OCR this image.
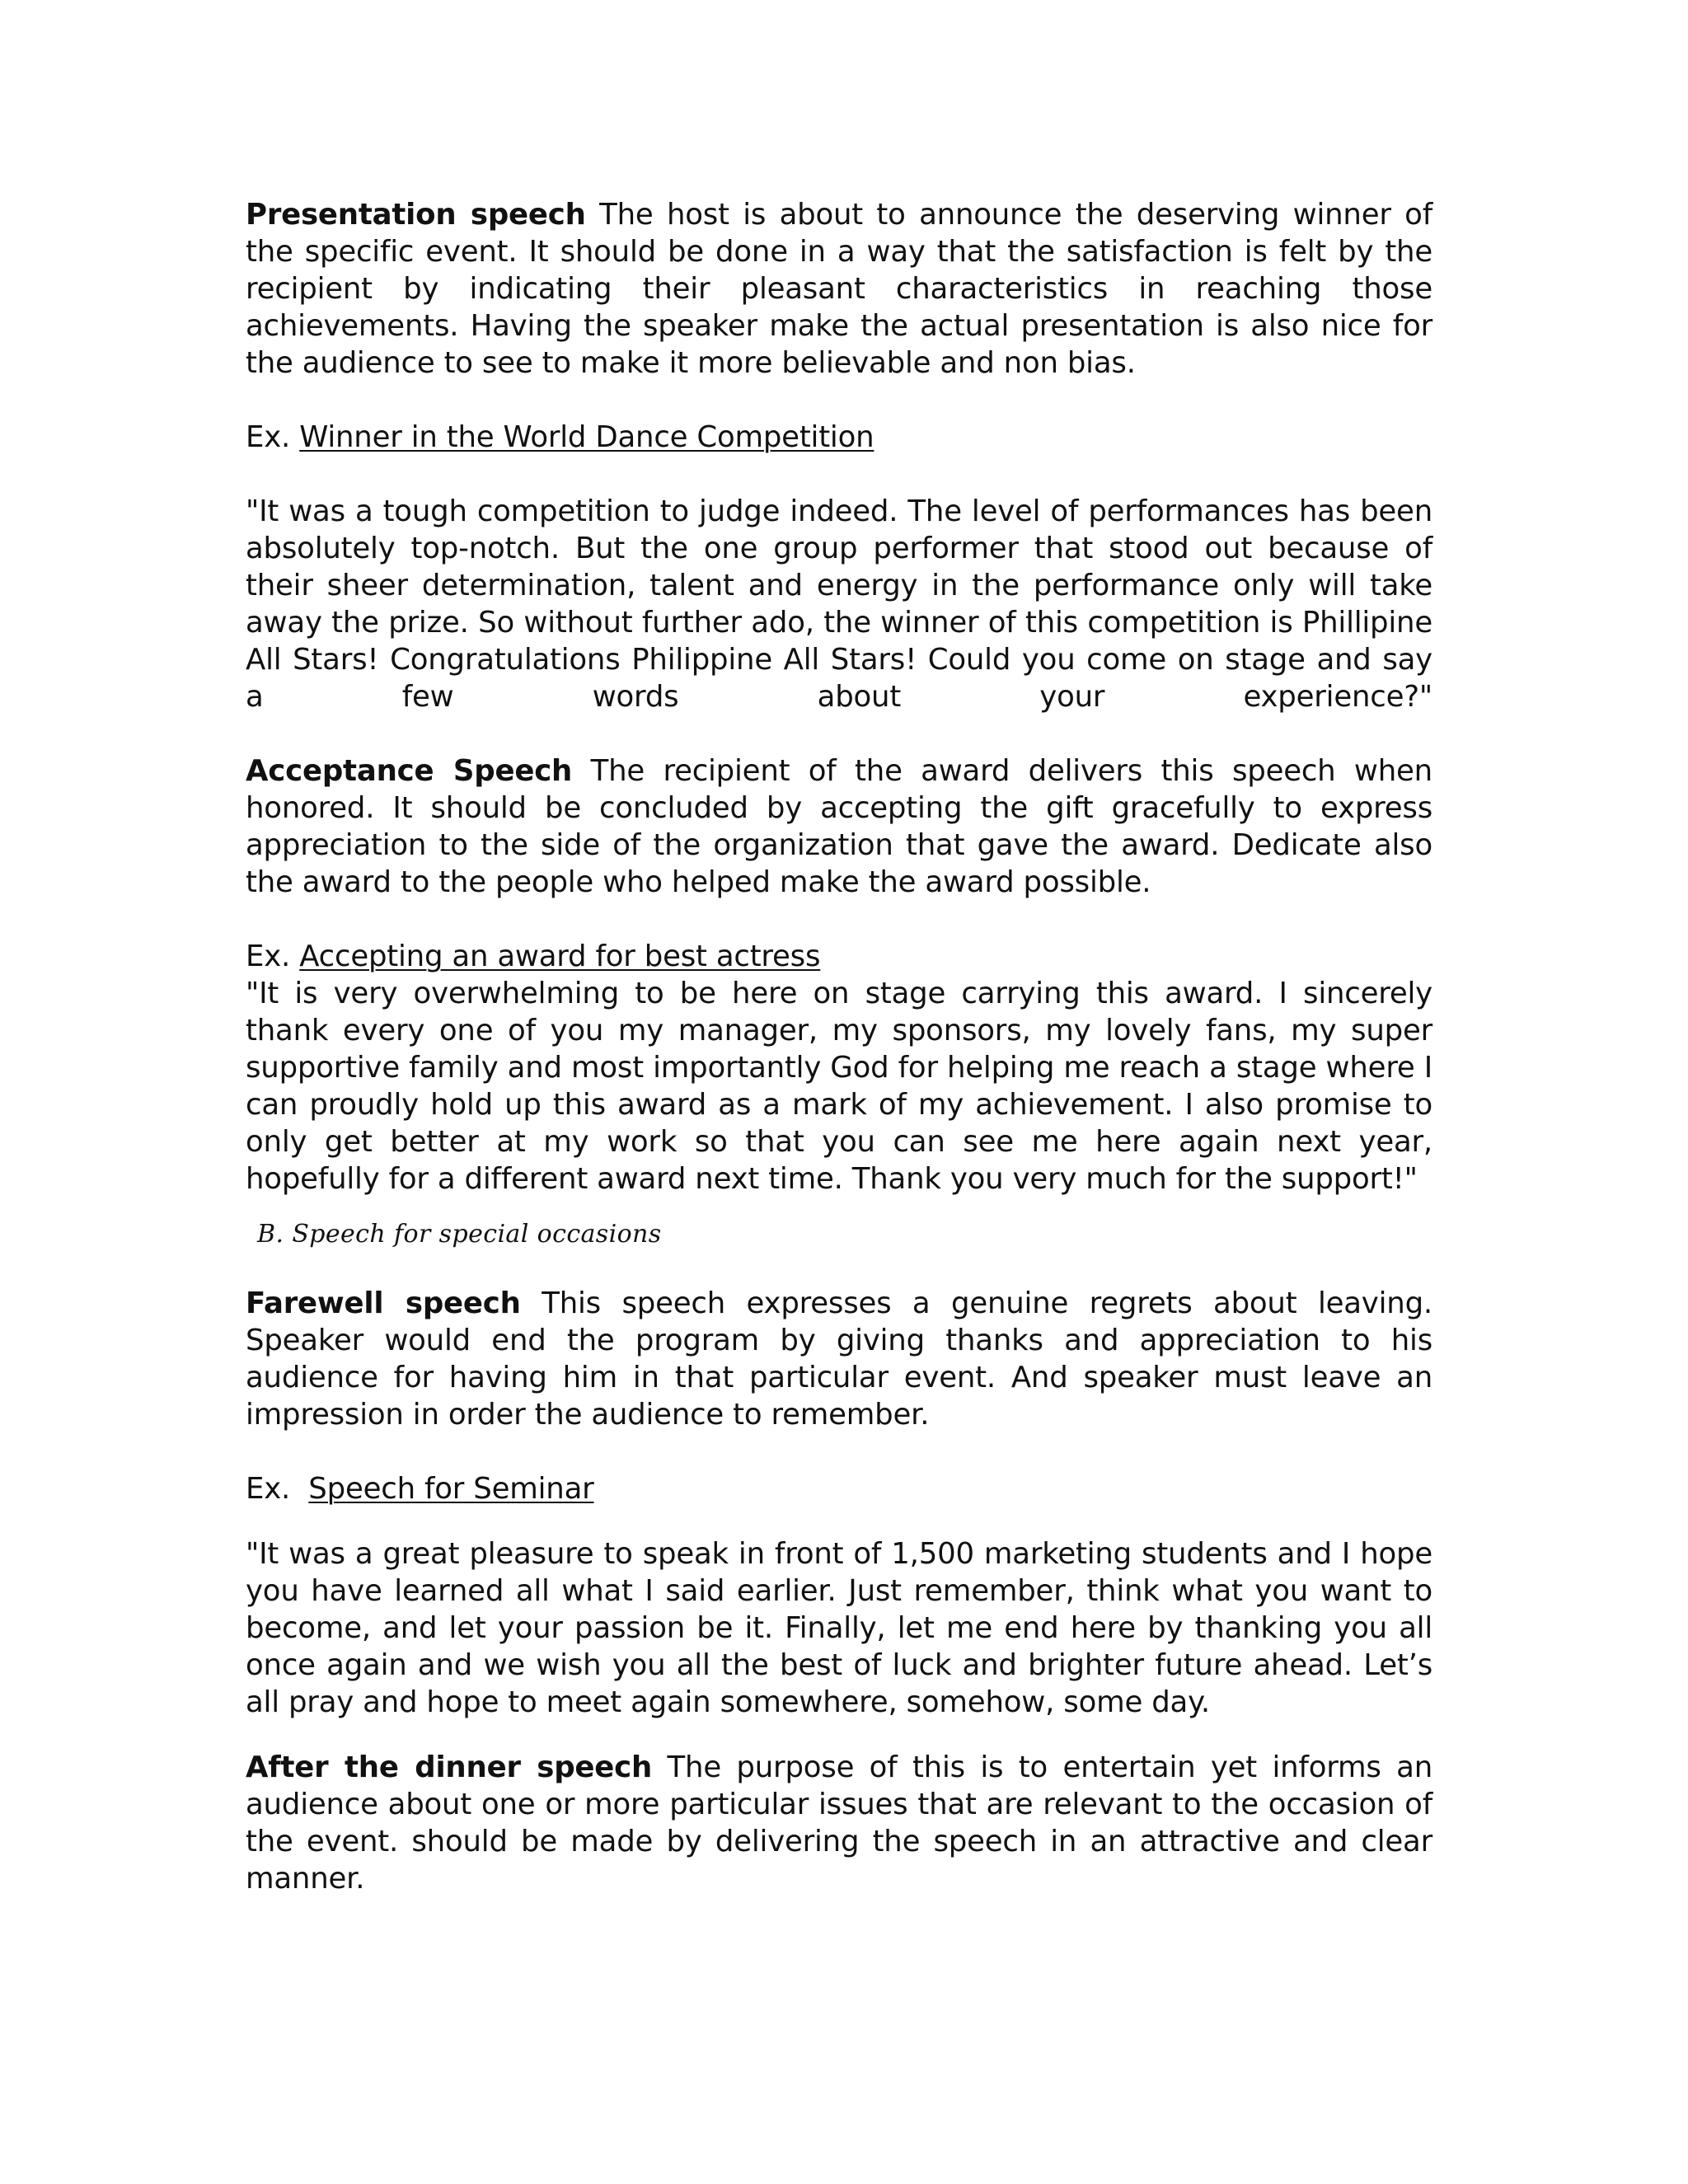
Presentation speech The host is about to announce the deserving winner of the specific event. It should be done in a way that the satisfaction is felt by the recipient by indicating their pleasant characteristics in reaching those achievements. Having the speaker make the actual presentation is also nice for the audience to see to make it more believable and non bias.

Ex. Winner in the World Dance Competition

"It was a tough competition to judge indeed. The level of performances has been absolutely top-notch. But the one group performer that stood out because of their sheer determination, talent and energy in the performance only will take away the prize. So without further ado, the winner of this competition is Phillipine All Stars! Congratulations Philippine All Stars! Could you come on stage and say a few words about your experience?"

Acceptance Speech The recipient of the award delivers this speech when honored. It should be concluded by accepting the gift gracefully to express appreciation to the side of the organization that gave the award. Dedicate also the award to the people who helped make the award possible.

Ex. Accepting an award for best actress

"It is very overwhelming to be here on stage carrying this award. I sincerely thank every one of you my manager, my sponsors, my lovely fans, my super supportive family and most importantly God for helping me reach a stage where I can proudly hold up this award as a mark of my achievement. I also promise to only get better at my work so that you can see me here again next year, hopefully for a different award next time. Thank you very much for the support!"

B. Speech for special occasions

Farewell speech This speech expresses a genuine regrets about leaving. Speaker would end the program by giving thanks and appreciation to his audience for having him in that particular event. And speaker must leave an impression in order the audience to remember.

Ex.  Speech for Seminar

"It was a great pleasure to speak in front of 1,500 marketing students and I hope you have learned all what I said earlier. Just remember, think what you want to become, and let your passion be it. Finally, let me end here by thanking you all once again and we wish you all the best of luck and brighter future ahead. Let’s all pray and hope to meet again somewhere, somehow, some day.

After the dinner speech The purpose of this is to entertain yet informs an audience about one or more particular issues that are relevant to the occasion of the event. should be made by delivering the speech in an attractive and clear manner.
